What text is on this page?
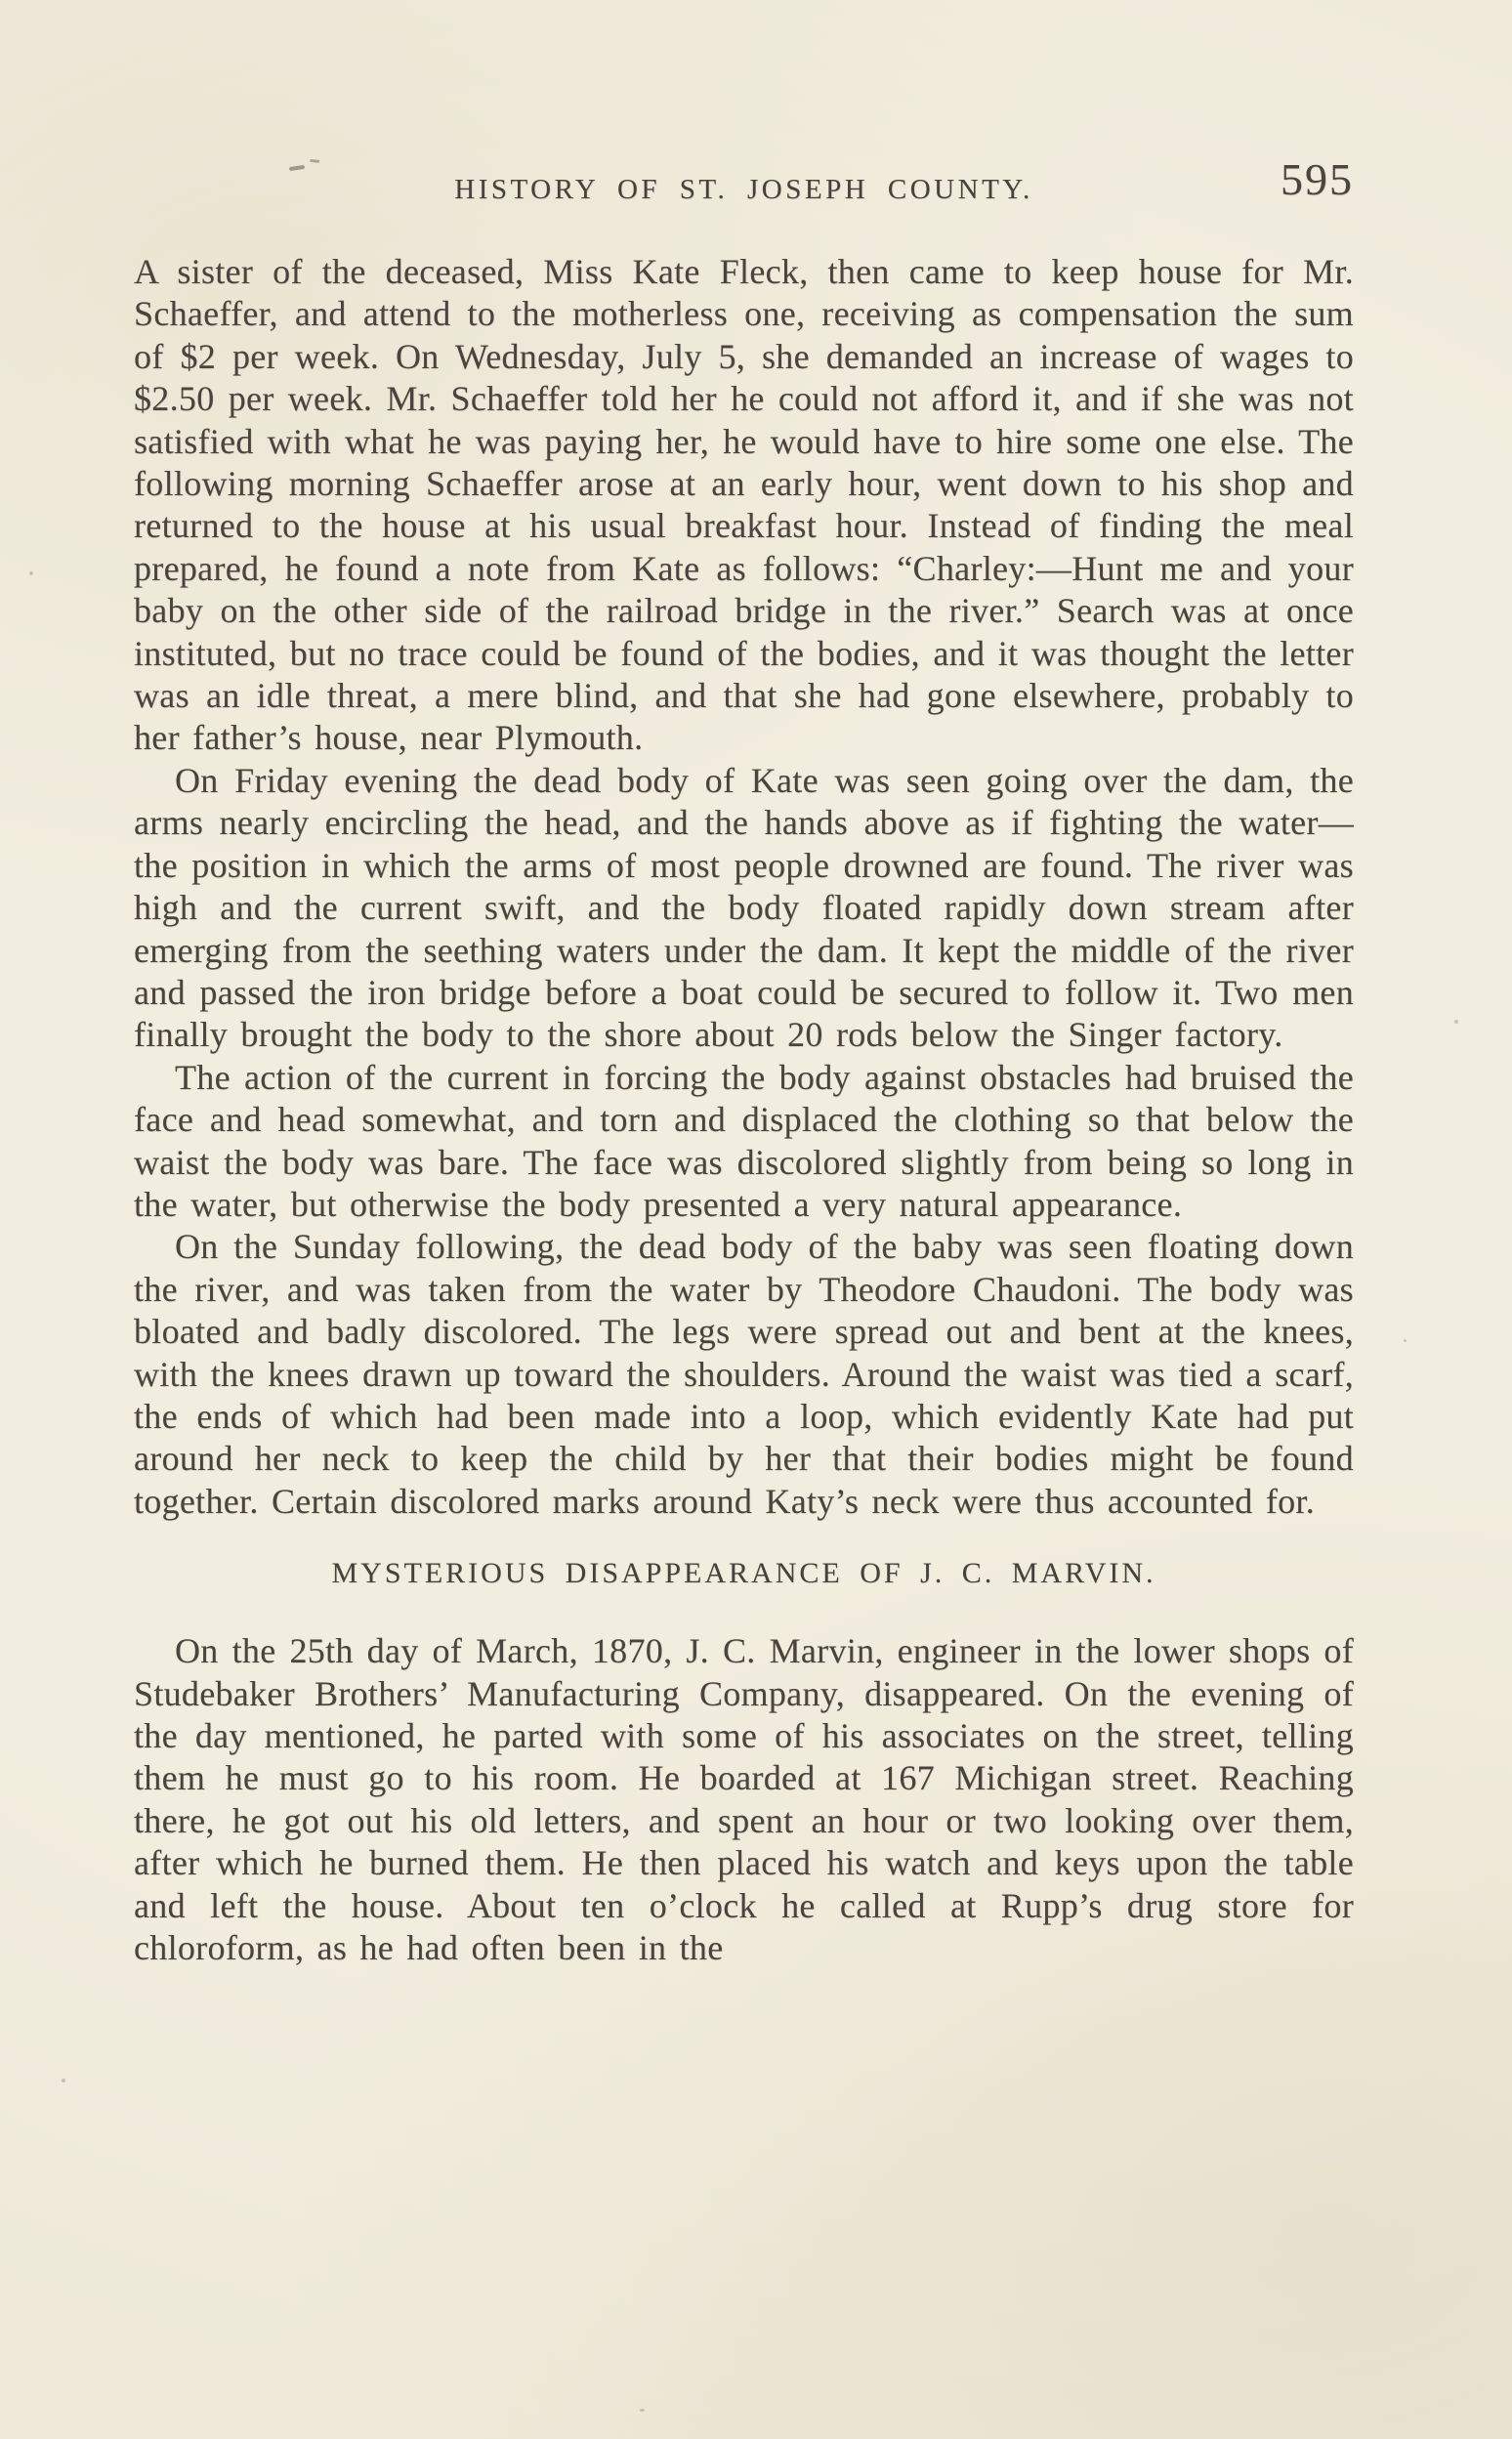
HISTORY OF ST. JOSEPH COUNTY.	595

A sister of the deceased, Miss Kate Fleck, then came to keep house for Mr. Schaeffer, and attend to the motherless one, receiving as compensation the sum of $2 per week. On Wednesday, July 5, she demanded an increase of wages to $2.50 per week. Mr. Schaeffer told her he could not afford it, and if she was not satisfied with what he was paying her, he would have to hire some one else. The following morning Schaeffer arose at an early hour, went down to his shop and returned to the house at his usual breakfast hour. Instead of finding the meal prepared, he found a note from Kate as follows: “Charley:—Hunt me and your baby on the other side of the railroad bridge in the river.” Search was at once instituted, but no trace could be found of the bodies, and it was thought the letter was an idle threat, a mere blind, and that she had gone elsewhere, probably to her father’s house, near Plymouth.

On Friday evening the dead body of Kate was seen going over the dam, the arms nearly encircling the head, and the hands above as if fighting the water—the position in which the arms of most people drowned are found. The river was high and the current swift, and the body floated rapidly down stream after emerging from the seething waters under the dam. It kept the middle of the river and passed the iron bridge before a boat could be secured to follow it. Two men finally brought the body to the shore about 20 rods below the Singer factory.

The action of the current in forcing the body against obstacles had bruised the face and head somewhat, and torn and displaced the clothing so that below the waist the body was bare. The face was discolored slightly from being so long in the water, but otherwise the body presented a very natural appearance.

On the Sunday following, the dead body of the baby was seen floating down the river, and was taken from the water by Theodore Chaudoni. The body was bloated and badly discolored. The legs were spread out and bent at the knees, with the knees drawn up toward the shoulders. Around the waist was tied a scarf, the ends of which had been made into a loop, which evidently Kate had put around her neck to keep the child by her that their bodies might be found together. Certain discolored marks around Katy’s neck were thus accounted for.

MYSTERIOUS DISAPPEARANCE OF J. C. MARVIN.

On the 25th day of March, 1870, J. C. Marvin, engineer in the lower shops of Studebaker Brothers’ Manufacturing Company, disappeared. On the evening of the day mentioned, he parted with some of his associates on the street, telling them he must go to his room. He boarded at 167 Michigan street. Reaching there, he got out his old letters, and spent an hour or two looking over them, after which he burned them. He then placed his watch and keys upon the table and left the house. About ten o’clock he called at Rupp’s drug store for chloroform, as he had often been in the
